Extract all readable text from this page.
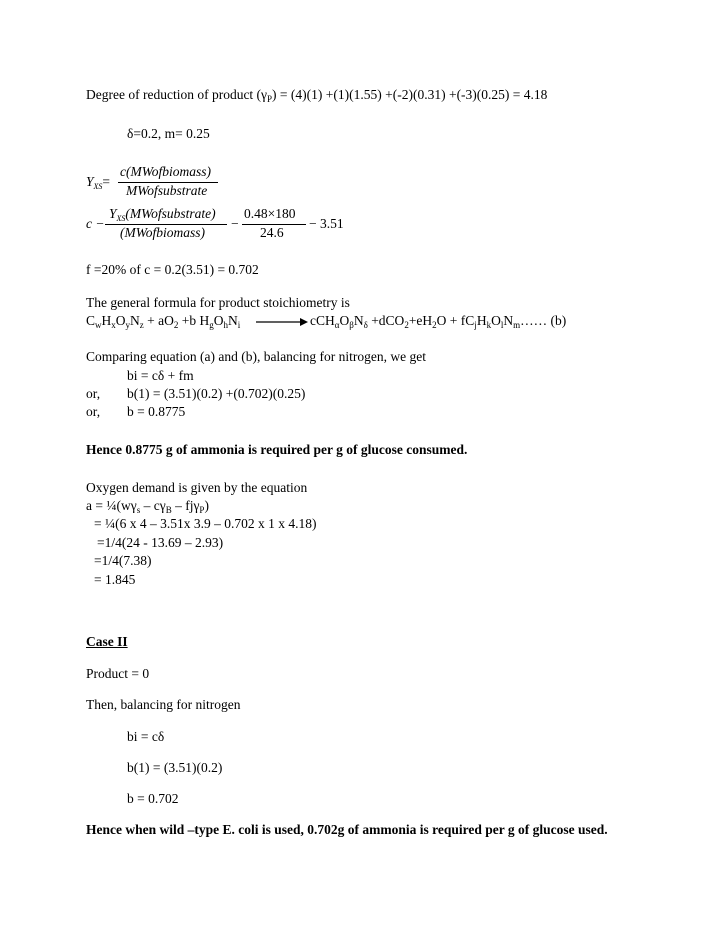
Degree of reduction of product $(\gamma_P) = (4)(1) +(1)(1.55) +(-2)(0.31) +(-3)(0.25) = 4.18$
δ=0.2, m= 0.25
$Y_{XS}=$
c(MWofbiomass)
MWofsubstrate
c −
$Y_{XS}(MWofsubstrate)$
(MWofbiomass)
−
0.48×180
24.6
− 3.51
f =20% of c = 0.2(3.51) = 0.702
The general formula for product stoichiometry is
$C_wH_xO_yN_z + aO_2 +b$ $H_gO_hN_i \to cCH_\alpha O_\beta N_\delta +dCO_2+eH_2O$ + $fC_jH_kO_lN_m\dots\dots$ (b)
Comparing equation (a) and (b), balancing for nitrogen, we get
bi = cδ + fm
or, b(1) = (3.51)(0.2) +(0.702)(0.25)
or, b = 0.8775
Hence 0.8775 g of ammonia is required per g of glucose consumed.
Oxygen demand is given by the equation
$a = \frac{1}{4}(w\gamma_s - c\gamma_B - fj\gamma_P)$
= ¼(6 x 4 – 3.51x 3.9 – 0.702 x 1 x 4.18)
=1/4(24 - 13.69 – 2.93)
=1/4(7.38)
= 1.845
Case II
Product = 0
Then, balancing for nitrogen
bi = cδ
b(1) = (3.51)(0.2)
b = 0.702
Hence when wild –type E. coli is used, 0.702g of ammonia is required per g of glucose used.
